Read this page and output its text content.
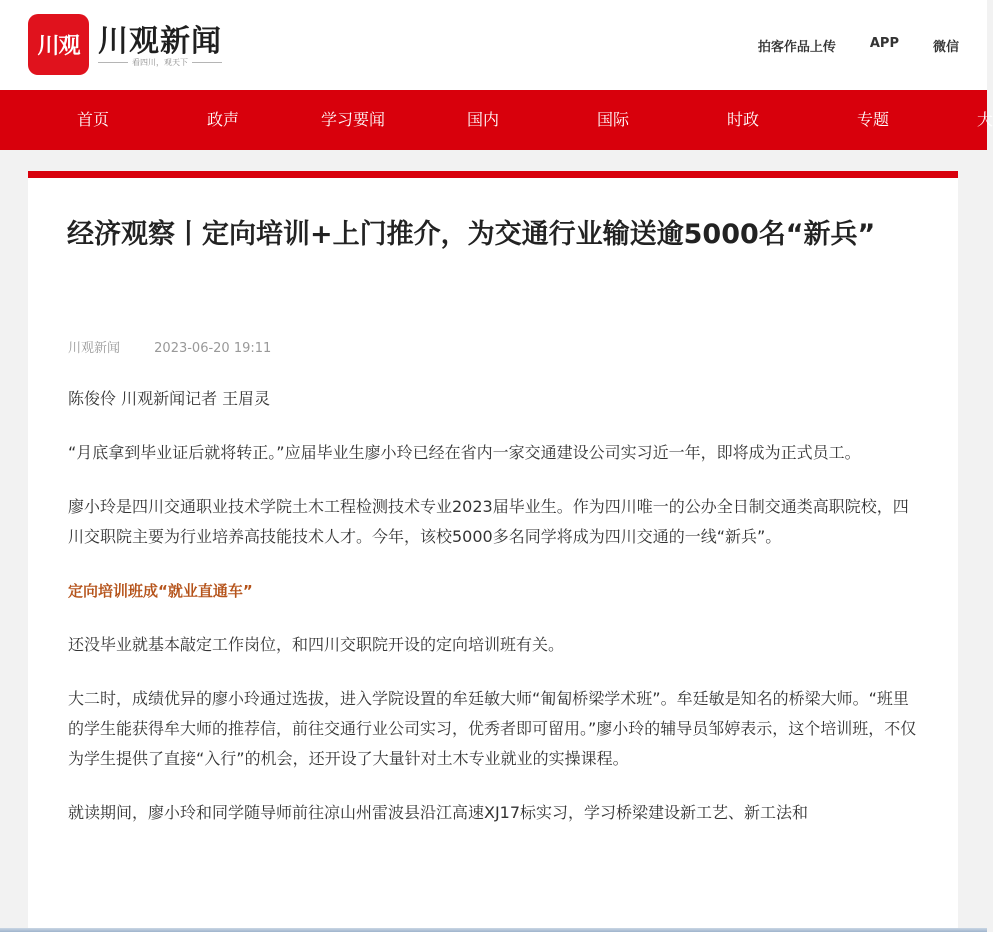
川观 川观新闻
看四川，观天下
拍客作品上传	APP	微信
首页	政声	学习要闻	国内	国际	时政	专题	大
经济观察丨定向培训+上门推介，为交通行业输送逾5000名“新兵”
川观新闻	2023-06-20 19:11

陈俊伶 川观新闻记者 王眉灵

“月底拿到毕业证后就将转正。”应届毕业生廖小玲已经在省内一家交通建设公司实习近一年，即将成为正式员工。

廖小玲是四川交通职业技术学院土木工程检测技术专业2023届毕业生。作为四川唯一的公办全日制交通类高职院校，四川交职院主要为行业培养高技能技术人才。今年，该校5000多名同学将成为四川交通的一线“新兵”。

定向培训班成“就业直通车”

还没毕业就基本敲定工作岗位，和四川交职院开设的定向培训班有关。

大二时，成绩优异的廖小玲通过选拔，进入学院设置的牟廷敏大师“匍匐桥梁学术班”。牟廷敏是知名的桥梁大师。“班里的学生能获得牟大师的推荐信，前往交通行业公司实习，优秀者即可留用。”廖小玲的辅导员邹婷表示，这个培训班，不仅为学生提供了直接“入行”的机会，还开设了大量针对土木专业就业的实操课程。

就读期间，廖小玲和同学随导师前往凉山州雷波县沿江高速XJ17标实习，学习桥梁建设新工艺、新工法和
